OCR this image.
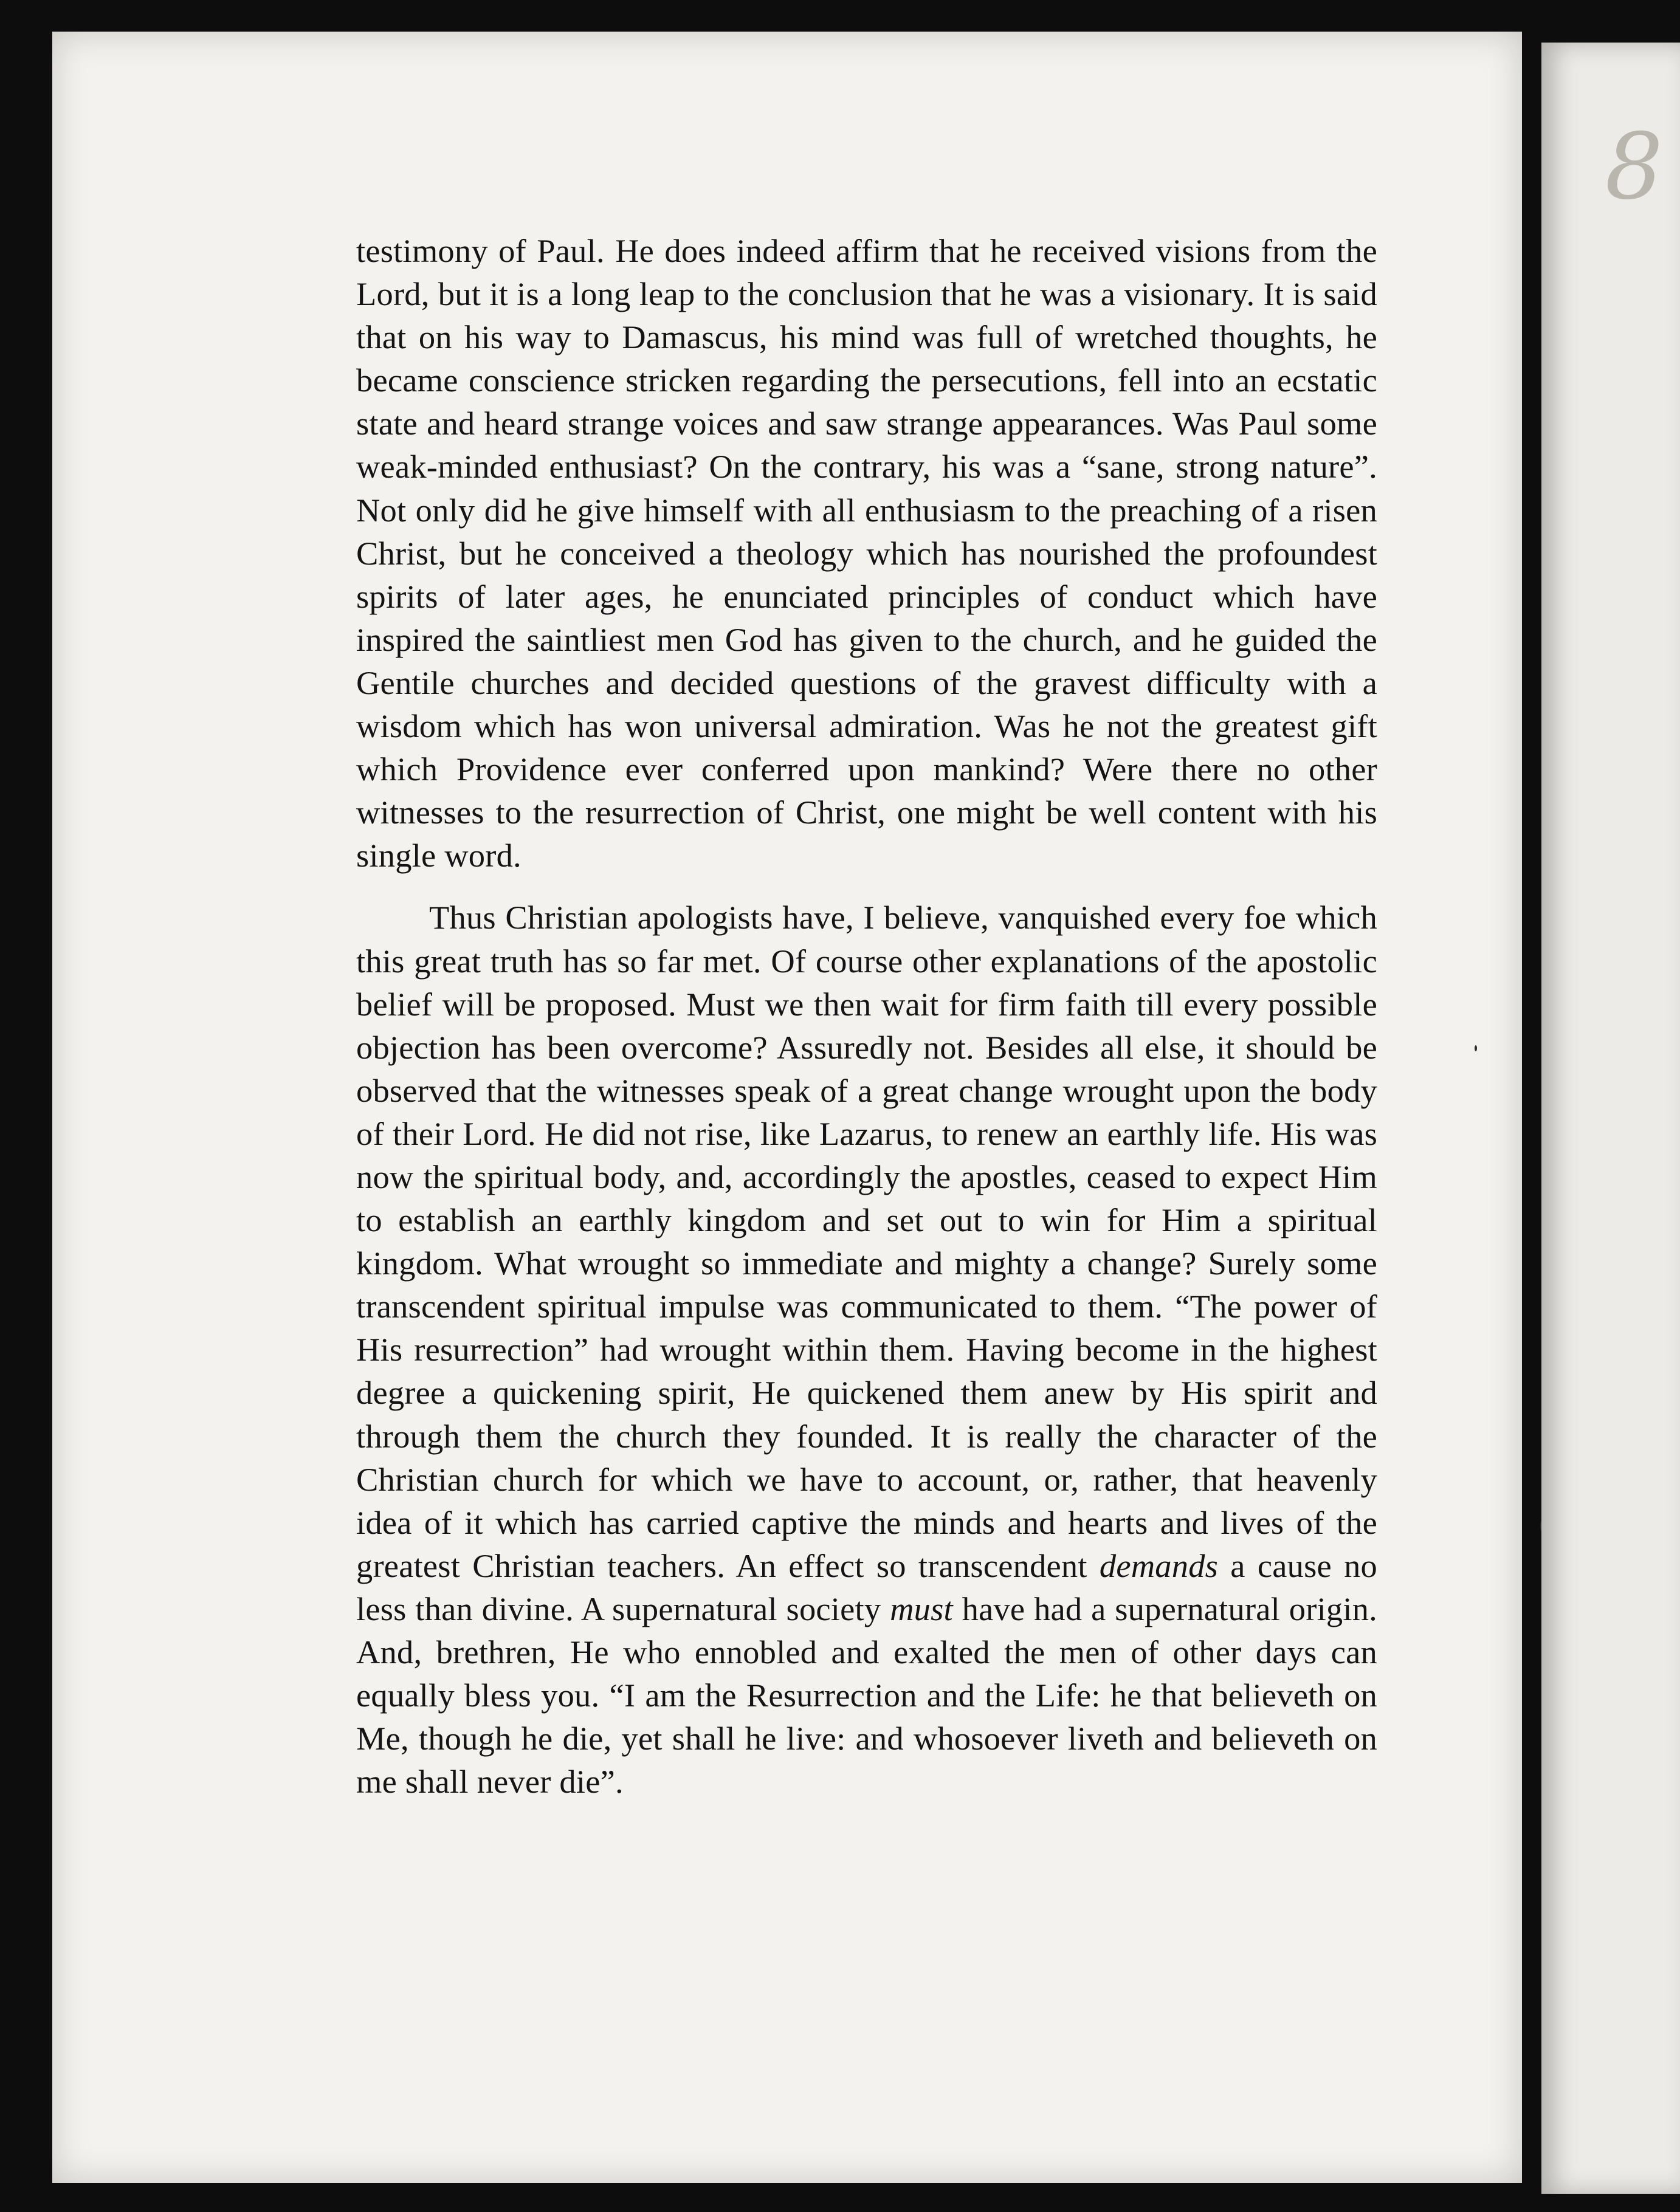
testimony of Paul. He does indeed affirm that he received visions from the Lord, but it is a long leap to the conclusion that he was a visionary. It is said that on his way to Damascus, his mind was full of wretched thoughts, he became conscience stricken regarding the persecutions, fell into an ecstatic state and heard strange voices and saw strange appearances. Was Paul some weak-minded enthusiast? On the contrary, his was a “sane, strong nature”. Not only did he give himself with all enthusiasm to the preaching of a risen Christ, but he conceived a theology which has nourished the profoundest spirits of later ages, he enunciated principles of conduct which have inspired the saintliest men God has given to the church, and he guided the Gentile churches and decided questions of the gravest difficulty with a wisdom which has won universal admiration. Was he not the greatest gift which Providence ever conferred upon mankind? Were there no other witnesses to the resurrection of Christ, one might be well content with his single word.

Thus Christian apologists have, I believe, vanquished every foe which this great truth has so far met. Of course other explanations of the apostolic belief will be proposed. Must we then wait for firm faith till every possible objection has been overcome? Assuredly not. Besides all else, it should be observed that the witnesses speak of a great change wrought upon the body of their Lord. He did not rise, like Lazarus, to renew an earthly life. His was now the spiritual body, and, accordingly the apostles, ceased to expect Him to establish an earthly kingdom and set out to win for Him a spiritual kingdom. What wrought so immediate and mighty a change? Surely some transcendent spiritual impulse was communicated to them. “The power of His resurrection” had wrought within them. Having become in the highest degree a quickening spirit, He quickened them anew by His spirit and through them the church they founded. It is really the character of the Christian church for which we have to account, or, rather, that heavenly idea of it which has carried captive the minds and hearts and lives of the greatest Christian teachers. An effect so transcendent demands a cause no less than divine. A supernatural society must have had a supernatural origin. And, brethren, He who ennobled and exalted the men of other days can equally bless you. “I am the Resurrection and the Life: he that believeth on Me, though he die, yet shall he live: and whosoever liveth and believeth on me shall never die”.

8
